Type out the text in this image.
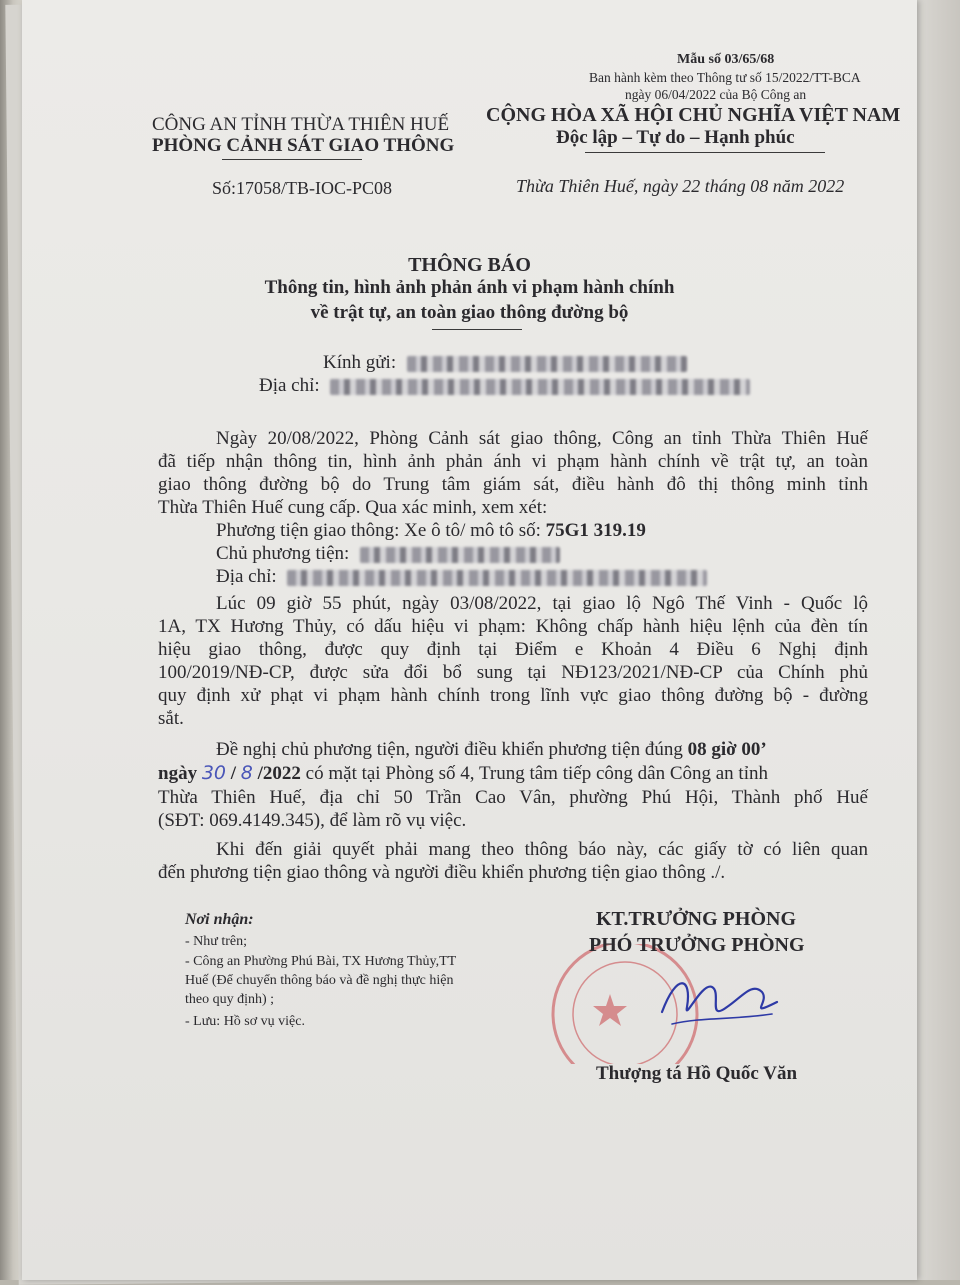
Mẫu số 03/65/68
Ban hành kèm theo Thông tư số 15/2022/TT-BCA
ngày 06/04/2022 của Bộ Công an
CÔNG AN TỈNH THỪA THIÊN HUẾ
PHÒNG CẢNH SÁT GIAO THÔNG
CỘNG HÒA XÃ HỘI CHỦ NGHĨA VIỆT NAM
Độc lập – Tự do – Hạnh phúc
Số:17058/TB-IOC-PC08	Thừa Thiên Huế, ngày 22 tháng 08 năm 2022
THÔNG BÁO
Thông tin, hình ảnh phản ánh vi phạm hành chính
về trật tự, an toàn giao thông đường bộ
Kính gửi:
Địa chỉ:
Ngày 20/08/2022, Phòng Cảnh sát giao thông, Công an tỉnh Thừa Thiên Huế
đã tiếp nhận thông tin, hình ảnh phản ánh vi phạm hành chính về trật tự, an toàn
giao thông đường bộ do Trung tâm giám sát, điều hành đô thị thông minh tỉnh
Thừa Thiên Huế cung cấp. Qua xác minh, xem xét:
Phương tiện giao thông: Xe ô tô/ mô tô số: 75G1 319.19
Chủ phương tiện:
Địa chỉ:
Lúc 09 giờ 55 phút, ngày 03/08/2022, tại giao lộ Ngô Thế Vinh - Quốc lộ
1A, TX Hương Thủy, có dấu hiệu vi phạm: Không chấp hành hiệu lệnh của đèn tín
hiệu giao thông, được quy định tại Điểm e Khoản 4 Điều 6 Nghị định
100/2019/NĐ-CP, được sửa đổi bổ sung tại NĐ123/2021/NĐ-CP của Chính phủ
quy định xử phạt vi phạm hành chính trong lĩnh vực giao thông đường bộ - đường
sắt.
Đề nghị chủ phương tiện, người điều khiển phương tiện đúng 08 giờ 00’
ngày 30 / 8 /2022 có mặt tại Phòng số 4, Trung tâm tiếp công dân Công an tỉnh
Thừa Thiên Huế, địa chỉ 50 Trần Cao Vân, phường Phú Hội, Thành phố Huế
(SĐT: 069.4149.345), để làm rõ vụ việc.
Khi đến giải quyết phải mang theo thông báo này, các giấy tờ có liên quan
đến phương tiện giao thông và người điều khiển phương tiện giao thông ./.
Nơi nhận:
- Như trên;
- Công an Phường Phú Bài, TX Hương Thủy,TT
Huế (Để chuyển thông báo và đề nghị thực hiện
theo quy định) ;
- Lưu: Hồ sơ vụ việc.
KT.TRƯỞNG PHÒNG
PHÓ TRƯỞNG PHÒNG
Thượng tá Hồ Quốc Văn
